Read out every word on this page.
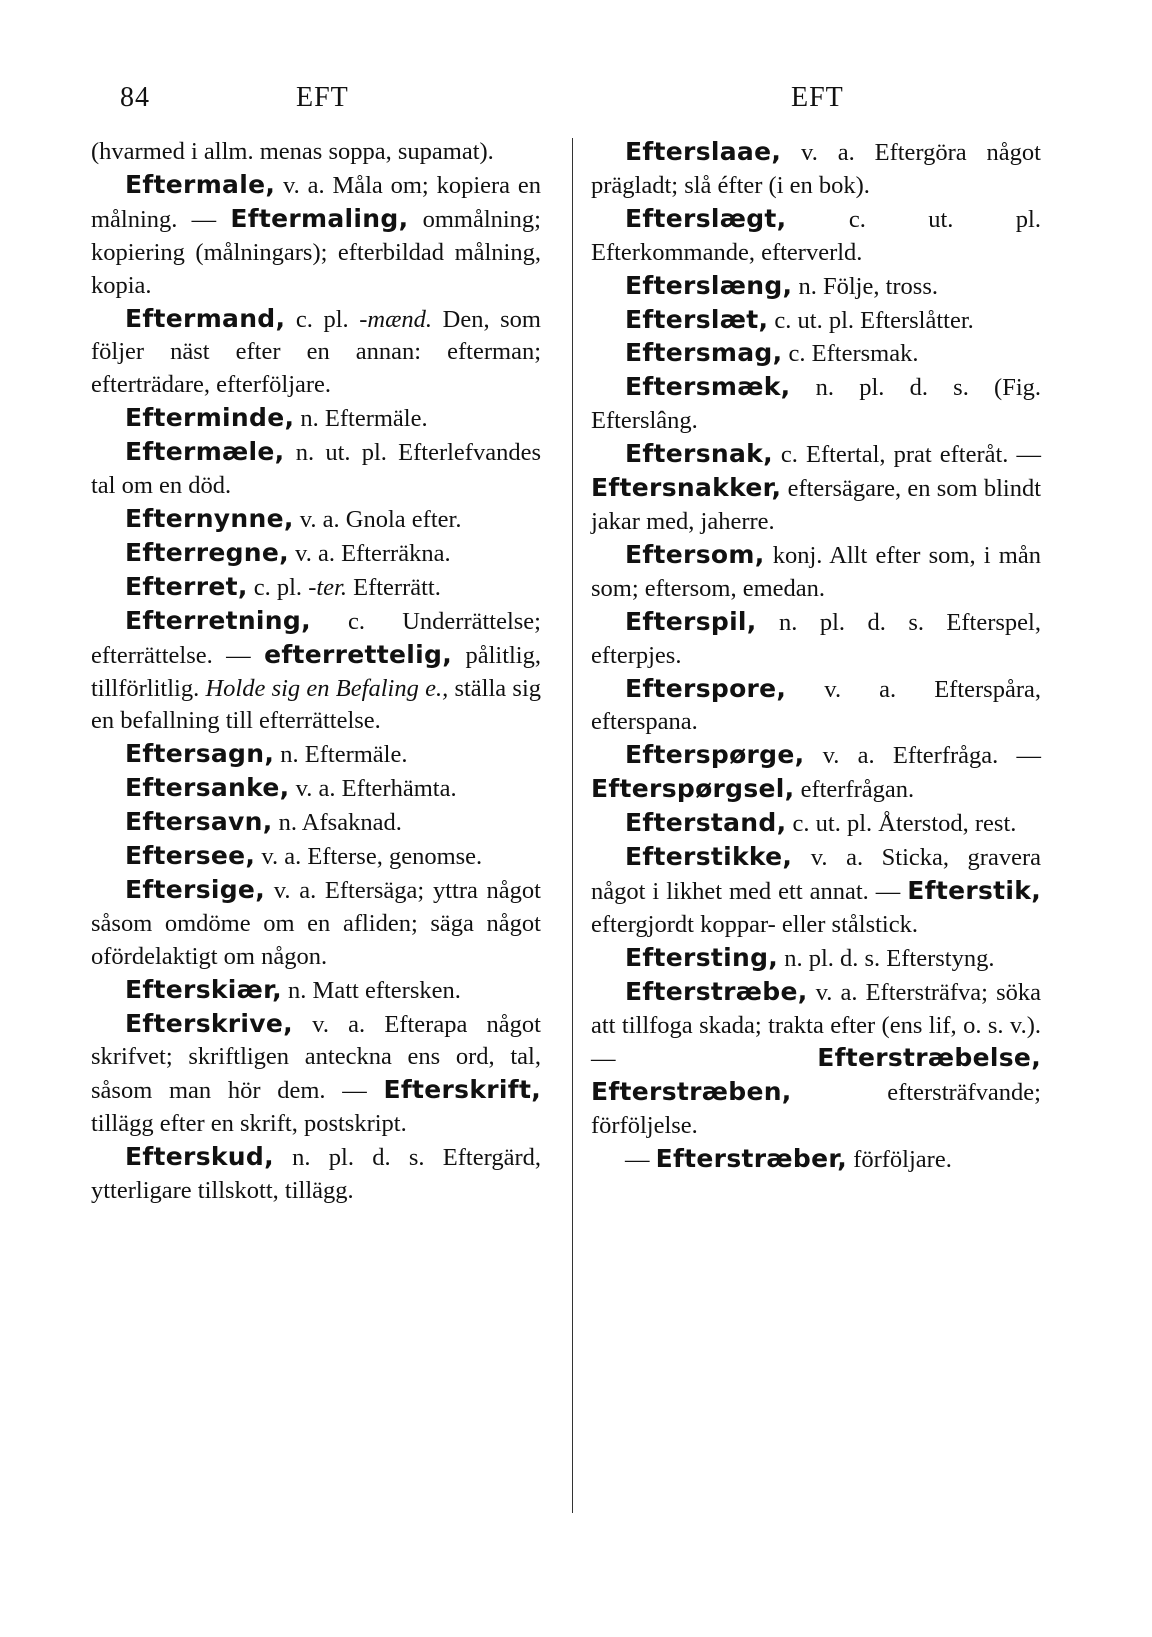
84	EFT	EFT

(hvarmed i allm. menas soppa, supamat).

Eftermale, v. a. Måla om; kopiera en målning. — Eftermaling, ommålning; kopiering (målningars); efterbildad målning, kopia.

Eftermand, c. pl. -mænd. Den, som följer näst efter en annan: efterman; efterträdare, efterföljare.

Efterminde, n. Eftermäle.

Eftermæle, n. ut. pl. Efterlefvandes tal om en död.

Efternynne, v. a. Gnola efter.

Efterregne, v. a. Efterräkna.

Efterret, c. pl. -ter. Efterrätt.

Efterretning, c. Underrättelse; efterrättelse. — efterrettelig, pålitlig, tillförlitlig. Holde sig en Befaling e., ställa sig en befallning till efterrättelse.

Eftersagn, n. Eftermäle.

Eftersanke, v. a. Efterhämta.

Eftersavn, n. Afsaknad.

Eftersee, v. a. Efterse, genomse.

Eftersige, v. a. Eftersäga; yttra något såsom omdöme om en afliden; säga något ofördelaktigt om någon.

Efterskiær, n. Matt eftersken.

Efterskrive, v. a. Efterapa något skrifvet; skriftligen anteckna ens ord, tal, såsom man hör dem. — Efterskrift, tillägg efter en skrift, postskript.

Efterskud, n. pl. d. s. Eftergärd, ytterligare tillskott, tillägg.

Efterslaae, v. a. Eftergöra något prägladt; slå éfter (i en bok).

Efterslægt, c. ut. pl. Efterkommande, efterverld.

Efterslæng, n. Följe, tross.

Efterslæt, c. ut. pl. Efterslåtter.

Eftersmag, c. Eftersmak.

Eftersmæk, n. pl. d. s. (Fig. Efterslâng.

Eftersnak, c. Eftertal, prat efteråt. — Eftersnakker, eftersägare, en som blindt jakar med, jaherre.

Eftersom, konj. Allt efter som, i mån som; eftersom, emedan.

Efterspil, n. pl. d. s. Efterspel, efterpjes.

Efterspore, v. a. Efterspåra, efterspana.

Efterspørge, v. a. Efterfråga. — Efterspørgsel, efterfrågan.

Efterstand, c. ut. pl. Återstod, rest.

Efterstikke, v. a. Sticka, gravera något i likhet med ett annat. — Efterstik, eftergjordt koppar- eller stålstick.

Eftersting, n. pl. d. s. Efterstyng.

Efterstræbe, v. a. Eftersträfva; söka att tillfoga skada; trakta efter (ens lif, o. s. v.). — Efterstræbelse, Efterstræben, eftersträfvande; förföljelse.

— Efterstræber, förföljare.
